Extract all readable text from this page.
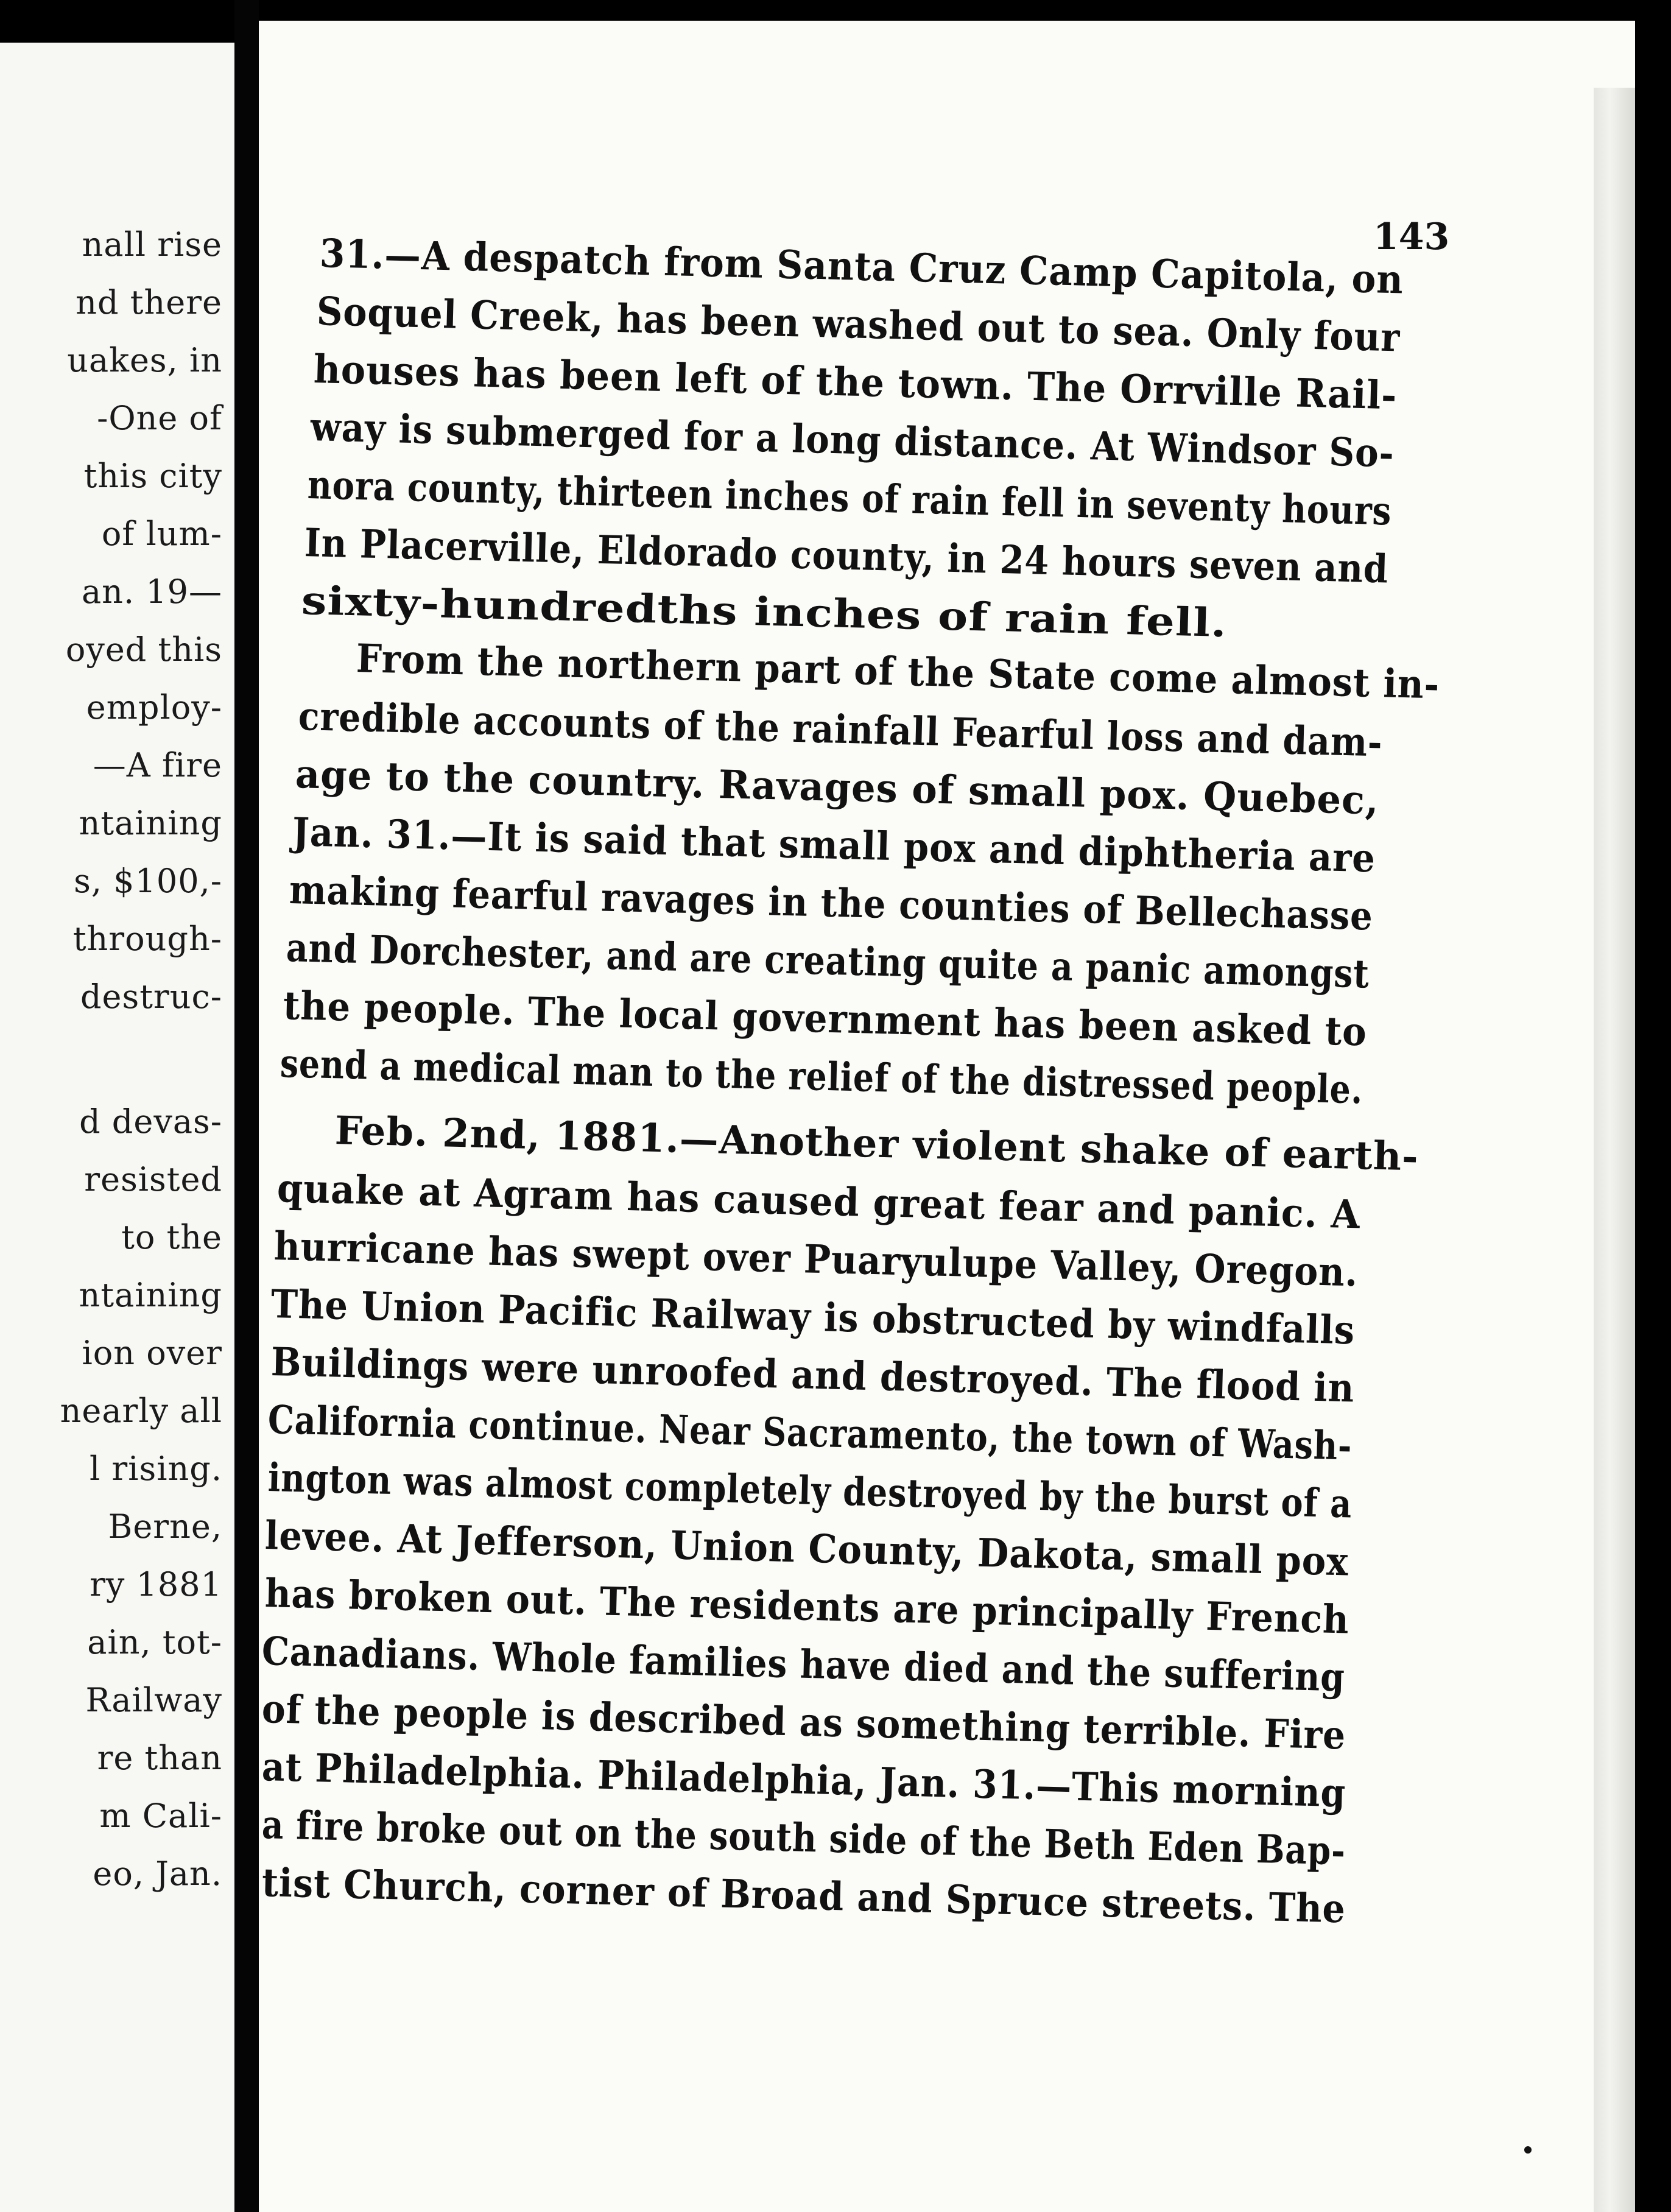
nall rise
nd there
uakes, in
-One of
this city
of lum-
an. 19—
oyed this
employ-
—A fire
ntaining
s, $100,-
through-
destruc-
d devas-
resisted
to the
ntaining
ion over
nearly all
l rising.
Berne,
ry 1881
ain, tot-
Railway
re than
m Cali-
eo, Jan.
143
31.—A despatch from Santa Cruz Camp Capitola, on
Soquel Creek, has been washed out to sea. Only four
houses has been left of the town. The Orrville Rail-
way is submerged for a long distance. At Windsor So-
nora county, thirteen inches of rain fell in seventy hours
In Placerville, Eldorado county, in 24 hours seven and
sixty-hundredths inches of rain fell.
From the northern part of the State come almost in-
credible accounts of the rainfall Fearful loss and dam-
age to the country. Ravages of small pox. Quebec,
Jan. 31.—It is said that small pox and diphtheria are
making fearful ravages in the counties of Bellechasse
and Dorchester, and are creating quite a panic amongst
the people. The local government has been asked to
send a medical man to the relief of the distressed people.
Feb. 2nd, 1881.—Another violent shake of earth-
quake at Agram has caused great fear and panic. A
hurricane has swept over Puaryulupe Valley, Oregon.
The Union Pacific Railway is obstructed by windfalls
Buildings were unroofed and destroyed. The flood in
California continue. Near Sacramento, the town of Wash-
ington was almost completely destroyed by the burst of a
levee. At Jefferson, Union County, Dakota, small pox
has broken out. The residents are principally French
Canadians. Whole families have died and the suffering
of the people is described as something terrible. Fire
at Philadelphia. Philadelphia, Jan. 31.—This morning
a fire broke out on the south side of the Beth Eden Bap-
tist Church, corner of Broad and Spruce streets. The
